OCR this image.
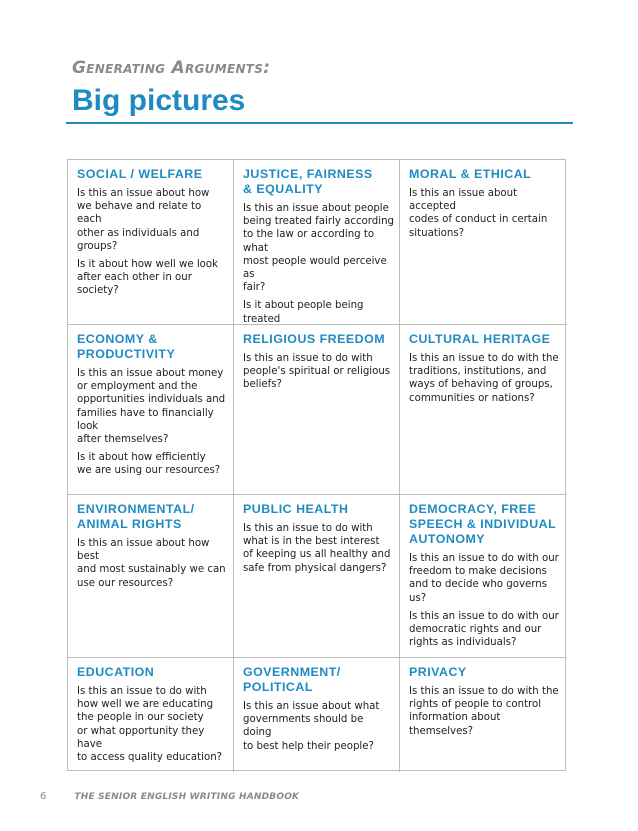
Generating Arguments:
Big pictures
SOCIAL / WELFARE

Is this an issue about how
we behave and relate to each
other as individuals and groups?

Is it about how well we look
after each other in our society?

JUSTICE, FAIRNESS
& EQUALITY

Is this an issue about people
being treated fairly according
to the law or according to what
most people would perceive as
fair?

Is it about people being treated

MORAL & ETHICAL

Is this an issue about accepted
codes of conduct in certain
situations?

ECONOMY &
PRODUCTIVITY

Is this an issue about money
or employment and the
opportunities individuals and
families have to financially look
after themselves?

Is it about how efficiently
we are using our resources?

RELIGIOUS FREEDOM

Is this an issue to do with
people's spiritual or religious
beliefs?

CULTURAL HERITAGE

Is this an issue to do with the
traditions, institutions, and
ways of behaving of groups,
communities or nations?

ENVIRONMENTAL/
ANIMAL RIGHTS

Is this an issue about how best
and most sustainably we can
use our resources?

PUBLIC HEALTH

Is this an issue to do with
what is in the best interest
of keeping us all healthy and
safe from physical dangers?

DEMOCRACY, FREE
SPEECH & INDIVIDUAL
AUTONOMY

Is this an issue to do with our
freedom to make decisions
and to decide who governs us?

Is this an issue to do with our
democratic rights and our
rights as individuals?

EDUCATION

Is this an issue to do with
how well we are educating
the people in our society
or what opportunity they have
to access quality education?

GOVERNMENT/
POLITICAL

Is this an issue about what
governments should be doing
to best help their people?

PRIVACY

Is this an issue to do with the
rights of people to control
information about themselves?

6	THE SENIOR ENGLISH WRITING HANDBOOK
